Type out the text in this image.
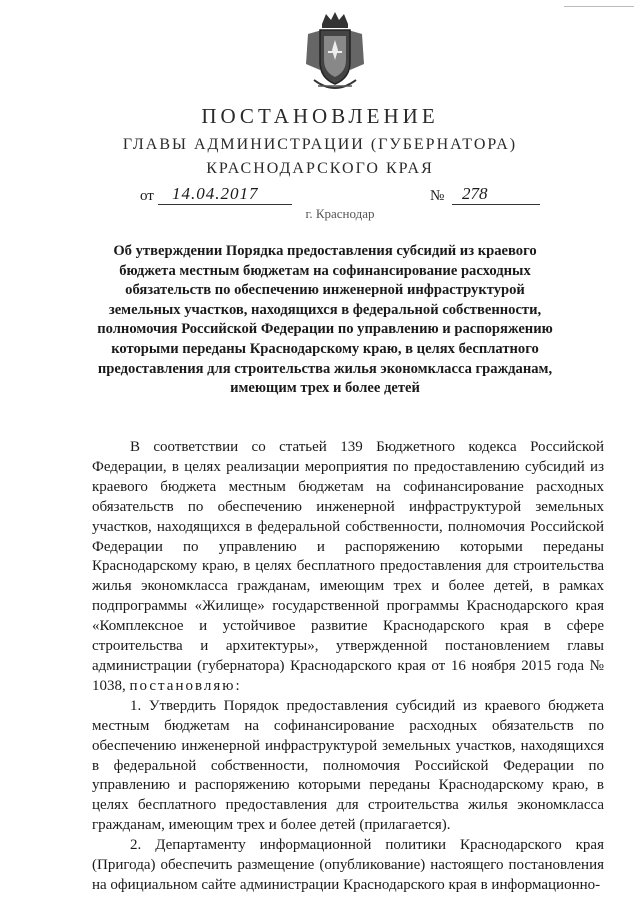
ПОСТАНОВЛЕНИЕ
ГЛАВЫ АДМИНИСТРАЦИИ (ГУБЕРНАТОРА)
КРАСНОДАРСКОГО КРАЯ
от	14.04.2017	№	278
г. Краснодар
Об утверждении Порядка предоставления субсидий из краевого бюджета местным бюджетам на софинансирование расходных обязательств по обеспечению инженерной инфраструктурой земельных участков, находящихся в федеральной собственности, полномочия Российской Федерации по управлению и распоряжению которыми переданы Краснодарскому краю, в целях бесплатного предоставления для строительства жилья экономкласса гражданам, имеющим трех и более детей

В соответствии со статьей 139 Бюджетного кодекса Российской Федерации, в целях реализации мероприятия по предоставлению субсидий из краевого бюджета местным бюджетам на софинансирование расходных обязательств по обеспечению инженерной инфраструктурой земельных участков, находящихся в федеральной собственности, полномочия Российской Федерации по управлению и распоряжению которыми переданы Краснодарскому краю, в целях бесплатного предоставления для строительства жилья экономкласса гражданам, имеющим трех и более детей, в рамках подпрограммы «Жилище» государственной программы Краснодарского края «Комплексное и устойчивое развитие Краснодарского края в сфере строительства и архитектуры», утвержденной постановлением главы администрации (губернатора) Краснодарского края от 16 ноября 2015 года № 1038, постановляю:

1. Утвердить Порядок предоставления субсидий из краевого бюджета местным бюджетам на софинансирование расходных обязательств по обеспечению инженерной инфраструктурой земельных участков, находящихся в федеральной собственности, полномочия Российской Федерации по управлению и распоряжению которыми переданы Краснодарскому краю, в целях бесплатного предоставления для строительства жилья экономкласса гражданам, имеющим трех и более детей (прилагается).

2. Департаменту информационной политики Краснодарского края (Пригода) обеспечить размещение (опубликование) настоящего постановления на официальном сайте администрации Краснодарского края в информационно-
